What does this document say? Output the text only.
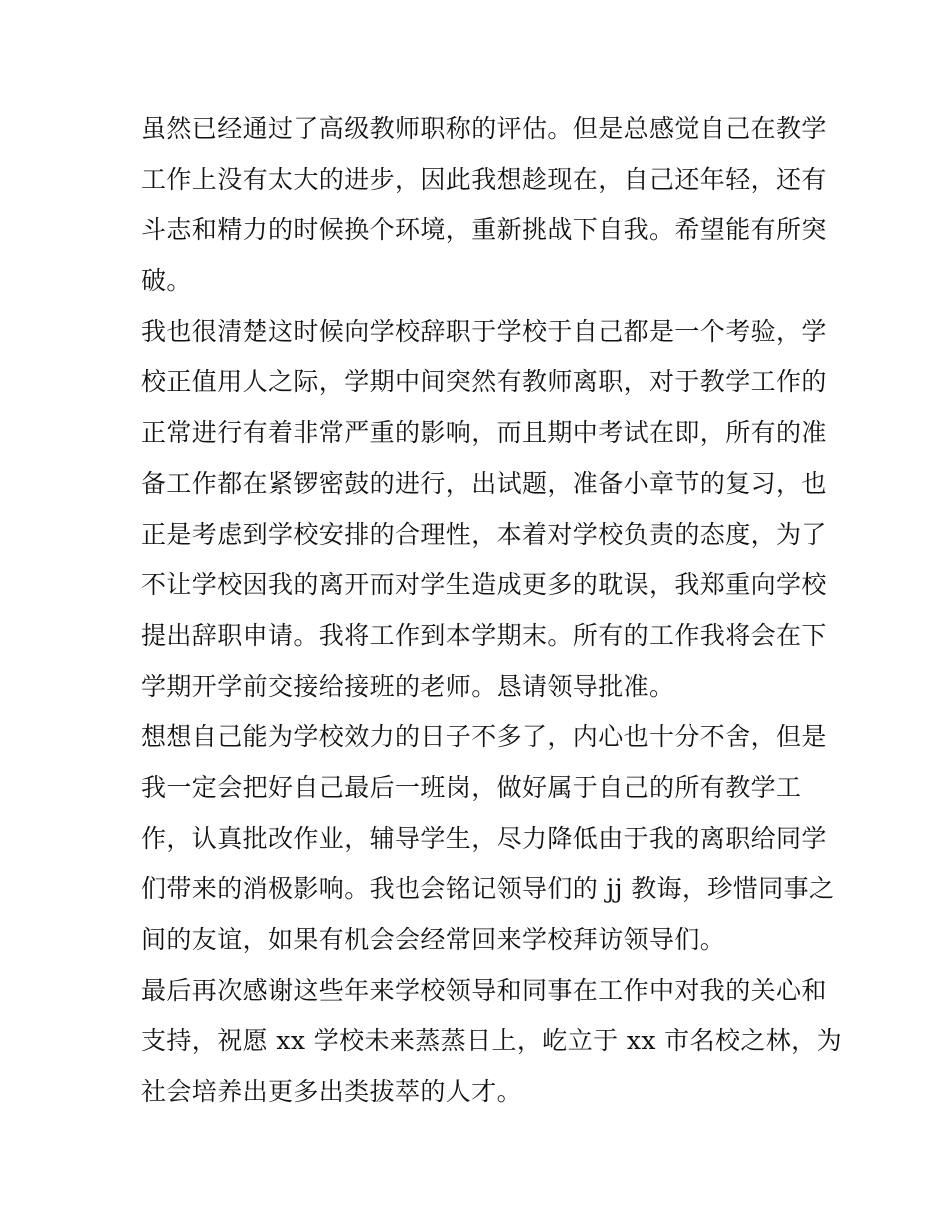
虽然已经通过了高级教师职称的评估。但是总感觉自己在教学
工作上没有太大的进步，因此我想趁现在，自己还年轻，还有
斗志和精力的时候换个环境，重新挑战下自我。希望能有所突
破。
我也很清楚这时候向学校辞职于学校于自己都是一个考验，学
校正值用人之际，学期中间突然有教师离职，对于教学工作的
正常进行有着非常严重的影响，而且期中考试在即，所有的准
备工作都在紧锣密鼓的进行，出试题，准备小章节的复习，也
正是考虑到学校安排的合理性，本着对学校负责的态度，为了
不让学校因我的离开而对学生造成更多的耽误，我郑重向学校
提出辞职申请。我将工作到本学期末。所有的工作我将会在下
学期开学前交接给接班的老师。恳请领导批准。
想想自己能为学校效力的日子不多了，内心也十分不舍，但是
我一定会把好自己最后一班岗，做好属于自己的所有教学工
作，认真批改作业，辅导学生，尽力降低由于我的离职给同学
们带来的消极影响。我也会铭记领导们的 jj 教诲，珍惜同事之
间的友谊，如果有机会会经常回来学校拜访领导们。
最后再次感谢这些年来学校领导和同事在工作中对我的关心和
支持，祝愿 xx 学校未来蒸蒸日上，屹立于 xx 市名校之林，为
社会培养出更多出类拔萃的人才。
